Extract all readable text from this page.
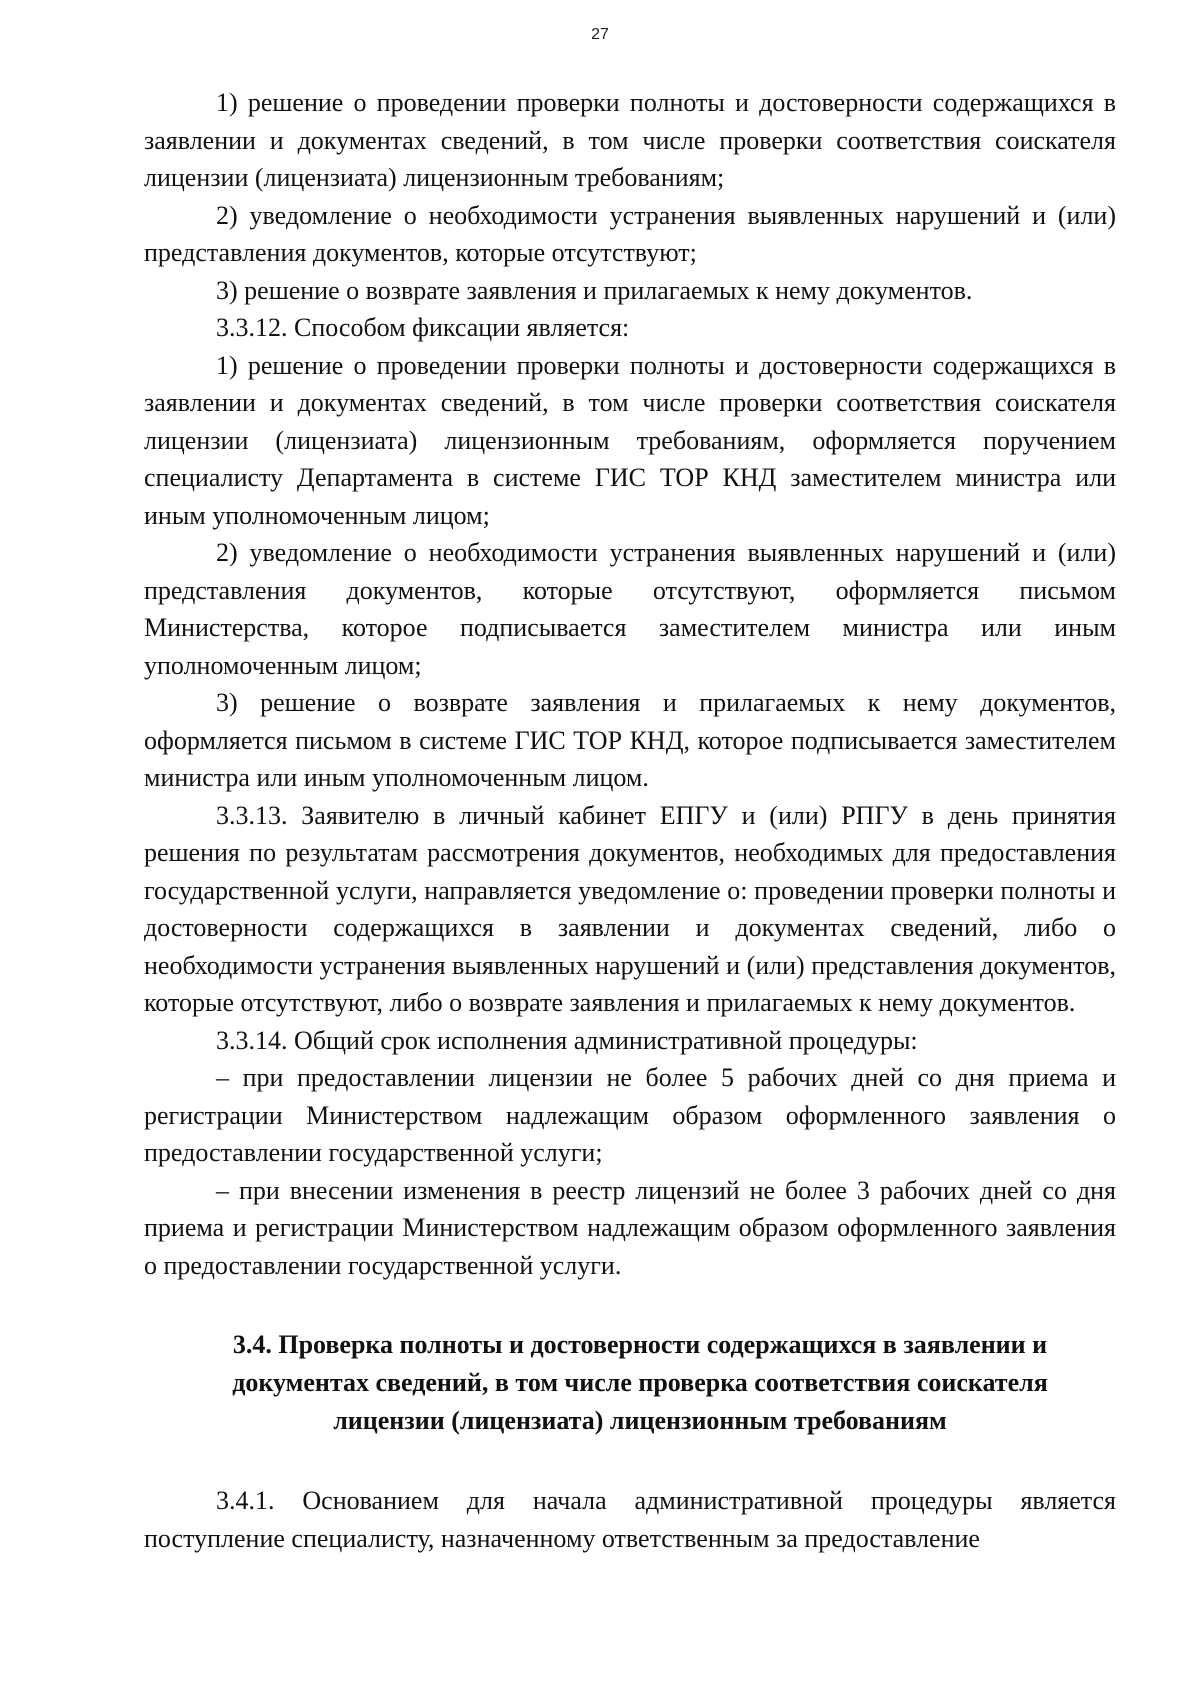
27

1) решение о проведении проверки полноты и достоверности содержащихся в заявлении и документах сведений, в том числе проверки соответствия соискателя лицензии (лицензиата) лицензионным требованиям;

2) уведомление о необходимости устранения выявленных нарушений и (или) представления документов, которые отсутствуют;

3) решение о возврате заявления и прилагаемых к нему документов.

3.3.12. Способом фиксации является:

1) решение о проведении проверки полноты и достоверности содержащихся в заявлении и документах сведений, в том числе проверки соответствия соискателя лицензии (лицензиата) лицензионным требованиям, оформляется поручением специалисту Департамента в системе ГИС ТОР КНД заместителем министра или иным уполномоченным лицом;

2) уведомление о необходимости устранения выявленных нарушений и (или) представления документов, которые отсутствуют, оформляется письмом Министерства, которое подписывается заместителем министра или иным уполномоченным лицом;

3) решение о возврате заявления и прилагаемых к нему документов, оформляется письмом в системе ГИС ТОР КНД, которое подписывается заместителем министра или иным уполномоченным лицом.

3.3.13. Заявителю в личный кабинет ЕПГУ и (или) РПГУ в день принятия решения по результатам рассмотрения документов, необходимых для предоставления государственной услуги, направляется уведомление о: проведении проверки полноты и достоверности содержащихся в заявлении и документах сведений, либо о необходимости устранения выявленных нарушений и (или) представления документов, которые отсутствуют, либо о возврате заявления и прилагаемых к нему документов.

3.3.14. Общий срок исполнения административной процедуры:

– при предоставлении лицензии не более 5 рабочих дней со дня приема и регистрации Министерством надлежащим образом оформленного заявления о предоставлении государственной услуги;

– при внесении изменения в реестр лицензий не более 3 рабочих дней со дня приема и регистрации Министерством надлежащим образом оформленного заявления о предоставлении государственной услуги.

3.4. Проверка полноты и достоверности содержащихся в заявлении и документах сведений, в том числе проверка соответствия соискателя лицензии (лицензиата) лицензионным требованиям

3.4.1. Основанием для начала административной процедуры является поступление специалисту, назначенному ответственным за предоставление
